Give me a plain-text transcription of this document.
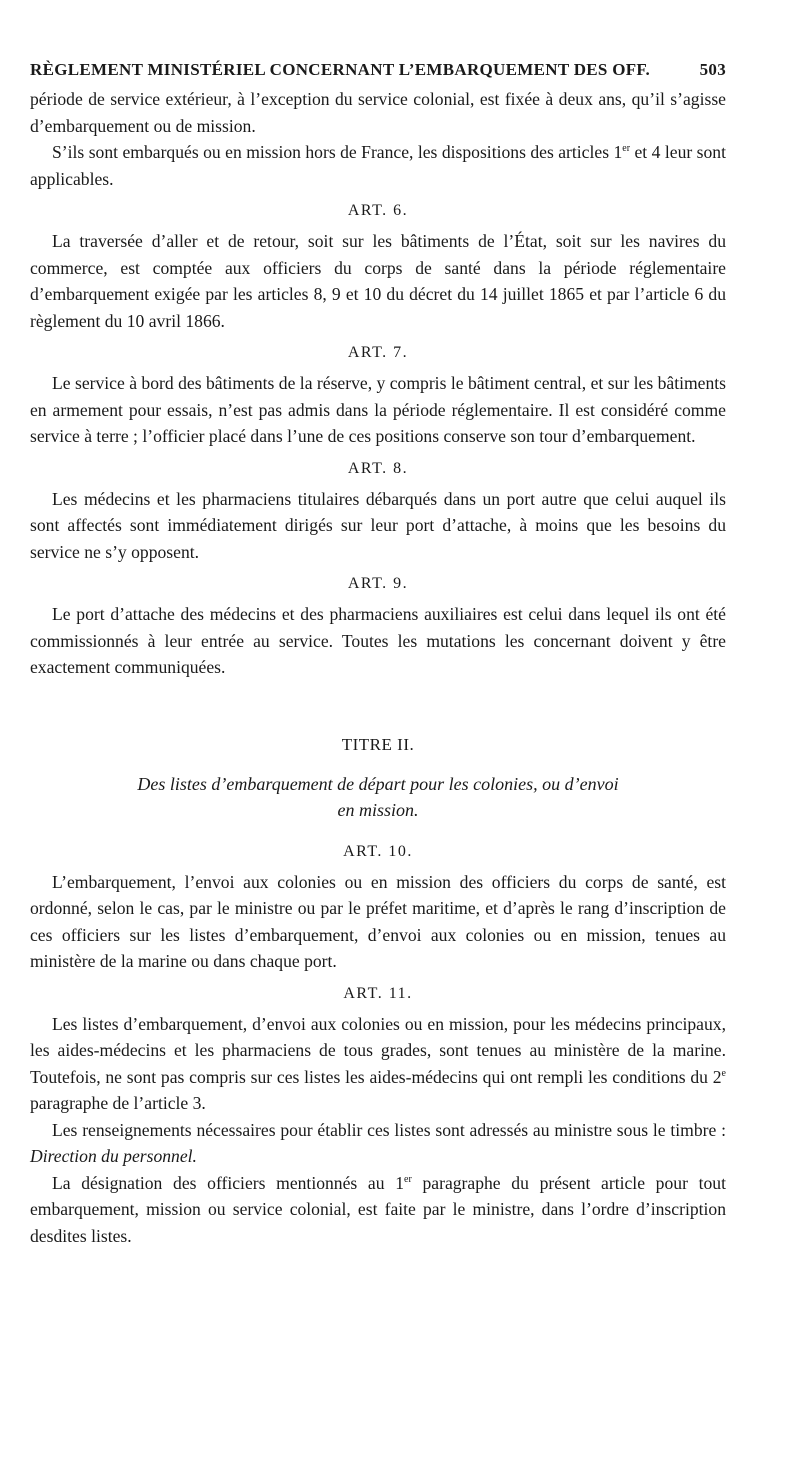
RÈGLEMENT MINISTÉRIEL CONCERNANT L’EMBARQUEMENT DES OFF.	503

période de service extérieur, à l’exception du service colonial, est fixée à deux ans, qu’il s’agisse d’embarquement ou de mission.

S’ils sont embarqués ou en mission hors de France, les dispositions des articles 1er et 4 leur sont applicables.

ART. 6.

La traversée d’aller et de retour, soit sur les bâtiments de l’État, soit sur les navires du commerce, est comptée aux officiers du corps de santé dans la période réglementaire d’embarquement exigée par les articles 8, 9 et 10 du décret du 14 juillet 1865 et par l’article 6 du règlement du 10 avril 1866.

ART. 7.

Le service à bord des bâtiments de la réserve, y compris le bâtiment central, et sur les bâtiments en armement pour essais, n’est pas admis dans la période réglementaire. Il est considéré comme service à terre ; l’officier placé dans l’une de ces positions conserve son tour d’embarquement.

ART. 8.

Les médecins et les pharmaciens titulaires débarqués dans un port autre que celui auquel ils sont affectés sont immédiatement dirigés sur leur port d’attache, à moins que les besoins du service ne s’y opposent.

ART. 9.

Le port d’attache des médecins et des pharmaciens auxiliaires est celui dans lequel ils ont été commissionnés à leur entrée au service. Toutes les mutations les concernant doivent y être exactement communiquées.

TITRE II.
Des listes d’embarquement de départ pour les colonies, ou d’envoi
en mission.
ART. 10.

L’embarquement, l’envoi aux colonies ou en mission des officiers du corps de santé, est ordonné, selon le cas, par le ministre ou par le préfet maritime, et d’après le rang d’inscription de ces officiers sur les listes d’embarquement, d’envoi aux colonies ou en mission, tenues au ministère de la marine ou dans chaque port.

ART. 11.

Les listes d’embarquement, d’envoi aux colonies ou en mission, pour les médecins principaux, les aides-médecins et les pharmaciens de tous grades, sont tenues au ministère de la marine. Toutefois, ne sont pas compris sur ces listes les aides-médecins qui ont rempli les conditions du 2e paragraphe de l’article 3.

Les renseignements nécessaires pour établir ces listes sont adressés au ministre sous le timbre : Direction du personnel.

La désignation des officiers mentionnés au 1er paragraphe du présent article pour tout embarquement, mission ou service colonial, est faite par le ministre, dans l’ordre d’inscription desdites listes.
